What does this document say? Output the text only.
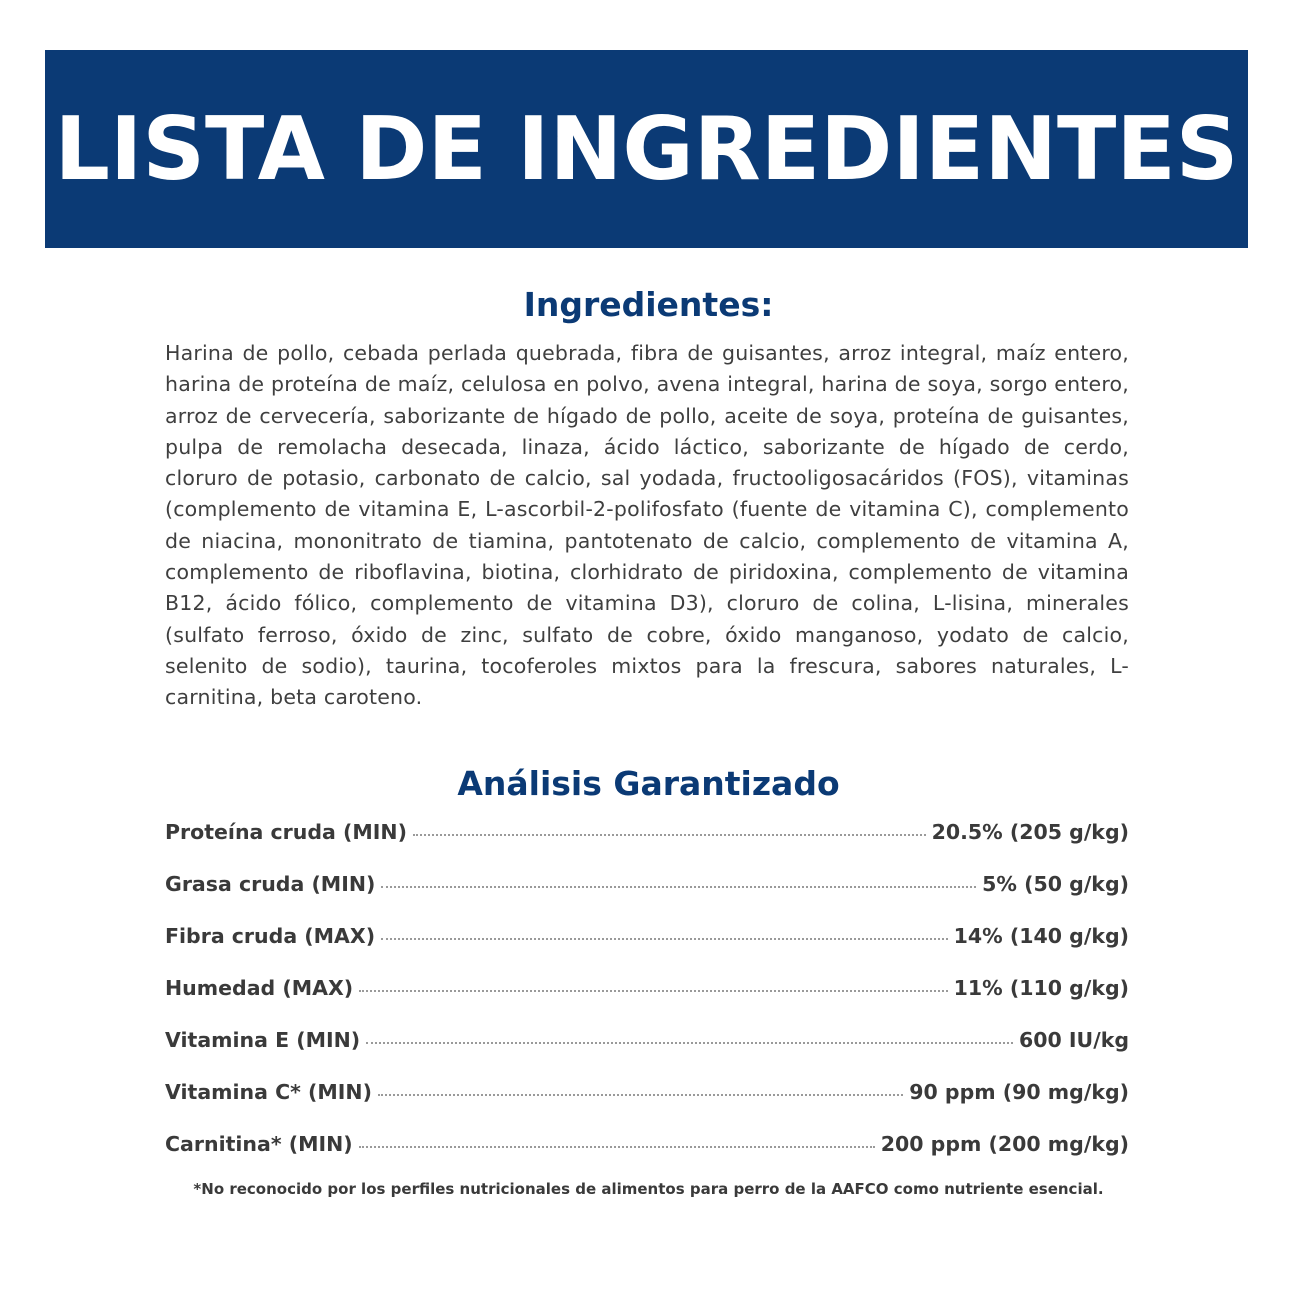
LISTA DE INGREDIENTES
Ingredientes:

Harina de pollo, cebada perlada quebrada, fibra de guisantes, arroz integral, maíz entero, harina de proteína de maíz, celulosa en polvo, avena integral, harina de soya, sorgo entero, arroz de cervecería, saborizante de hígado de pollo, aceite de soya, proteína de guisantes, pulpa de remolacha desecada, linaza, ácido láctico, saborizante de hígado de cerdo, cloruro de potasio, carbonato de calcio, sal yodada, fructooligosacáridos (FOS), vitaminas (complemento de vitamina E, L-ascorbil-2-polifosfato (fuente de vitamina C), complemento de niacina, mononitrato de tiamina, pantotenato de calcio, complemento de vitamina A, complemento de riboflavina, biotina, clorhidrato de piridoxina, complemento de vitamina B12, ácido fólico, complemento de vitamina D3), cloruro de colina, L-lisina, minerales (sulfato ferroso, óxido de zinc, sulfato de cobre, óxido manganoso, yodato de calcio, selenito de sodio), taurina, tocoferoles mixtos para la frescura, sabores naturales, L-carnitina, beta caroteno.

Análisis Garantizado
Proteína cruda (MIN)	20.5% (205 g/kg)
Grasa cruda (MIN)	5% (50 g/kg)
Fibra cruda (MAX)	14% (140 g/kg)
Humedad (MAX)	11% (110 g/kg)
Vitamina E (MIN)	600 IU/kg
Vitamina C* (MIN)	90 ppm (90 mg/kg)
Carnitina* (MIN)	200 ppm (200 mg/kg)

*No reconocido por los perfiles nutricionales de alimentos para perro de la AAFCO como nutriente esencial.
